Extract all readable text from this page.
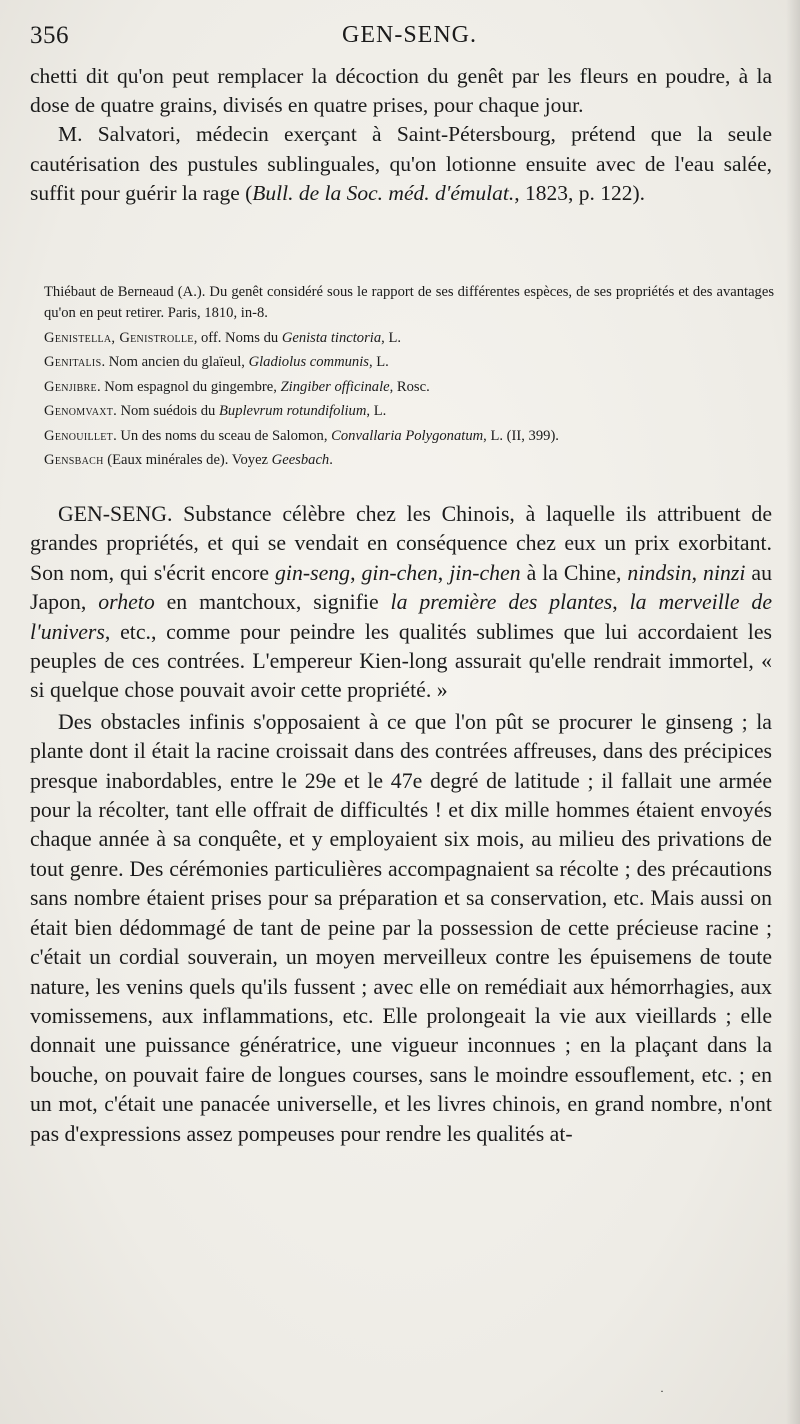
356	GEN-SENG.

chetti dit qu'on peut remplacer la décoction du genêt par les fleurs en poudre, à la dose de quatre grains, divisés en quatre prises, pour chaque jour.

M. Salvatori, médecin exerçant à Saint-Pétersbourg, prétend que la seule cautérisation des pustules sublinguales, qu'on lotionne ensuite avec de l'eau salée, suffit pour guérir la rage (Bull. de la Soc. méd. d'émulat., 1823, p. 122).

Thiébaut de Berneaud (A.). Du genêt considéré sous le rapport de ses différentes espèces, de ses propriétés et des avantages qu'on en peut retirer. Paris, 1810, in-8.

Genistella, Genistrolle, off. Noms du Genista tinctoria, L.

Genitalis. Nom ancien du glaïeul, Gladiolus communis, L.

Genjibre. Nom espagnol du gingembre, Zingiber officinale, Rosc.

Genomvaxt. Nom suédois du Buplevrum rotundifolium, L.

Genouillet. Un des noms du sceau de Salomon, Convallaria Polygonatum, L. (II, 399).

Gensbach (Eaux minérales de). Voyez Geesbach.

GEN-SENG. Substance célèbre chez les Chinois, à laquelle ils attribuent de grandes propriétés, et qui se vendait en conséquence chez eux un prix exorbitant. Son nom, qui s'écrit encore gin-seng, gin-chen, jin-chen à la Chine, nindsin, ninzi au Japon, orheto en mantchoux, signifie la première des plantes, la merveille de l'univers, etc., comme pour peindre les qualités sublimes que lui accordaient les peuples de ces contrées. L'empereur Kien-long assurait qu'elle rendrait immortel, « si quelque chose pouvait avoir cette propriété. »

Des obstacles infinis s'opposaient à ce que l'on pût se procurer le ginseng ; la plante dont il était la racine croissait dans des contrées affreuses, dans des précipices presque inabordables, entre le 29e et le 47e degré de latitude ; il fallait une armée pour la récolter, tant elle offrait de difficultés ! et dix mille hommes étaient envoyés chaque année à sa conquête, et y employaient six mois, au milieu des privations de tout genre. Des cérémonies particulières accompagnaient sa récolte ; des précautions sans nombre étaient prises pour sa préparation et sa conservation, etc. Mais aussi on était bien dédommagé de tant de peine par la possession de cette précieuse racine ; c'était un cordial souverain, un moyen merveilleux contre les épuisemens de toute nature, les venins quels qu'ils fussent ; avec elle on remédiait aux hémorrhagies, aux vomissemens, aux inflammations, etc. Elle prolongeait la vie aux vieillards ; elle donnait une puissance génératrice, une vigueur inconnues ; en la plaçant dans la bouche, on pouvait faire de longues courses, sans le moindre essouflement, etc. ; en un mot, c'était une panacée universelle, et les livres chinois, en grand nombre, n'ont pas d'expressions assez pompeuses pour rendre les qualités at-

·
